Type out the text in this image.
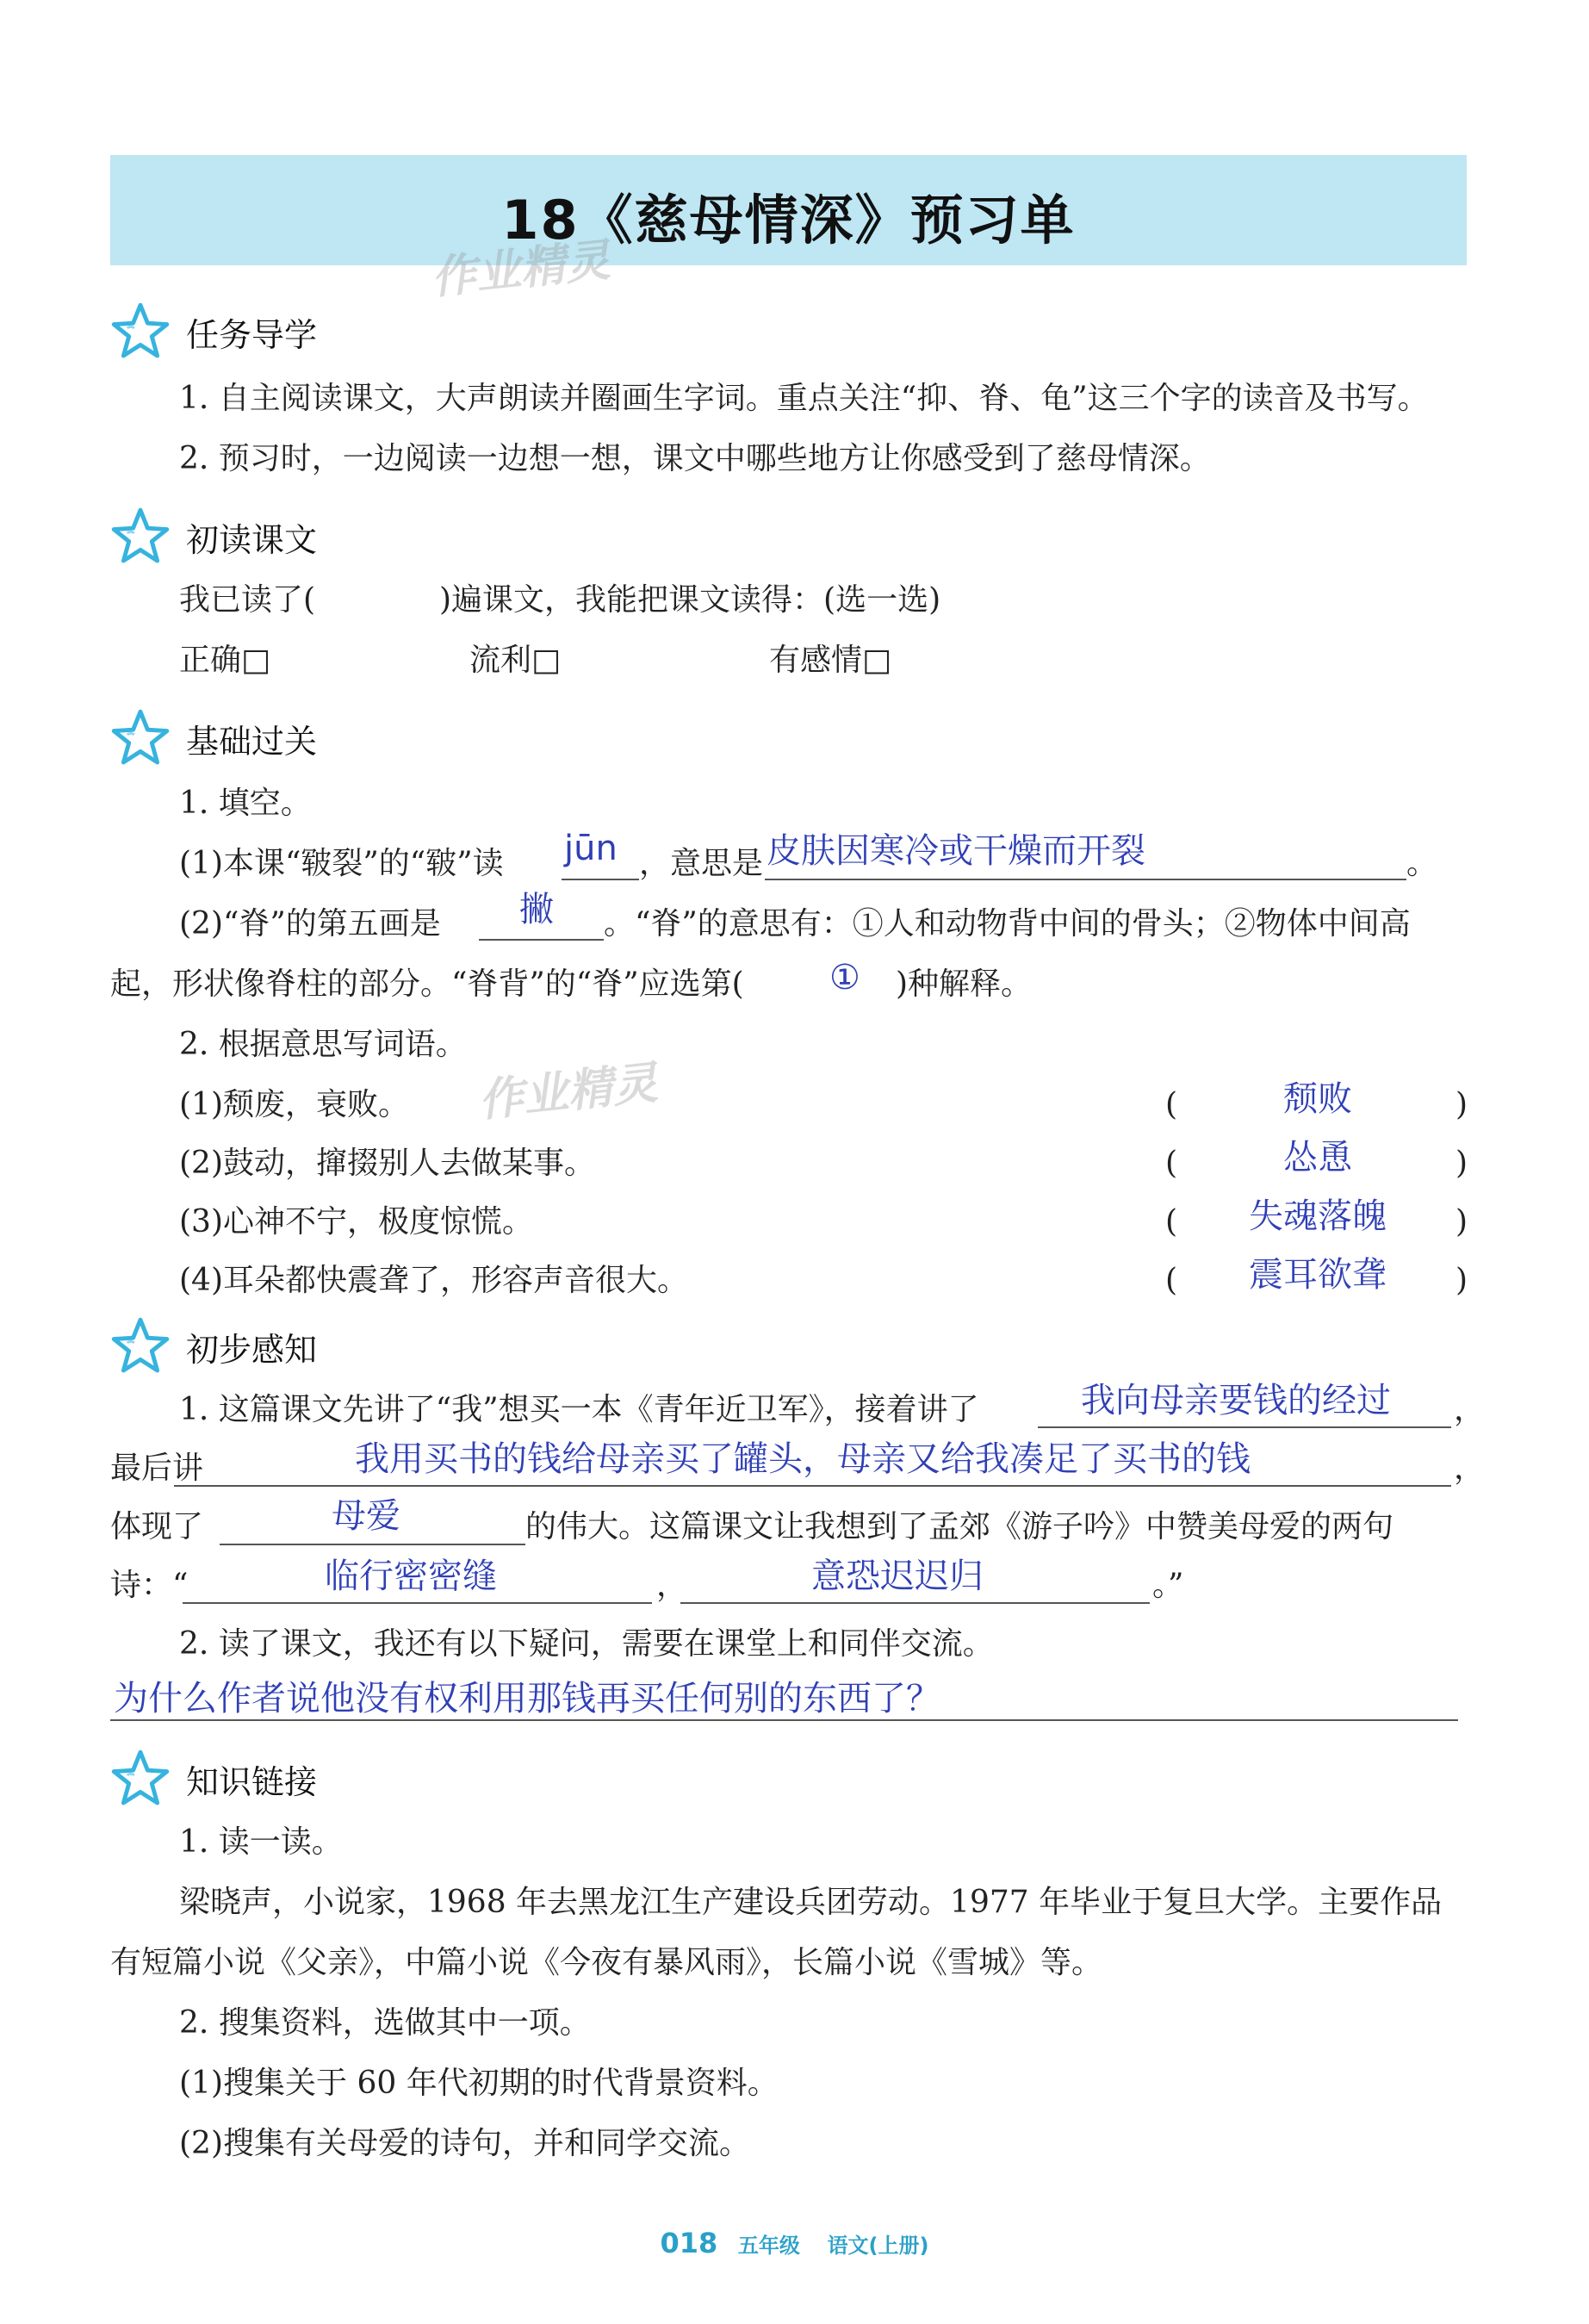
18《慈母情深》预习单
作业精灵
作业精灵
任务导学
1. 自主阅读课文，大声朗读并圈画生字词。重点关注“抑、脊、龟”这三个字的读音及书写。
2. 预习时，一边阅读一边想一想，课文中哪些地方让你感受到了慈母情深。
初读课文
我已读了(	)遍课文，我能把课文读得：(选一选)
正确□	流利□	有感情□
基础过关
1. 填空。
(1)本课“皲裂”的“皲”读 jūn ，意思是 皮肤因寒冷或干燥而开裂	。
(2)“脊”的第五画是 撇 。“脊”的意思有：①人和动物背中间的骨头；②物体中间高
起，形状像脊柱的部分。“脊背”的“脊”应选第( ① )种解释。
2. 根据意思写词语。
(1)颓废，衰败。	(	颓败	)
(2)鼓动，撺掇别人去做某事。	(	怂恿	)
(3)心神不宁，极度惊慌。	(	失魂落魄	)
(4)耳朵都快震聋了，形容声音很大。	(	震耳欲聋	)
初步感知
1. 这篇课文先讲了“我”想买一本《青年近卫军》，接着讲了	我向母亲要钱的经过 ，
最后讲	我用买书的钱给母亲买了罐头，母亲又给我凑足了买书的钱	，
体现了	母爱	的伟大。这篇课文让我想到了孟郊《游子吟》中赞美母爱的两句
诗：“	临行密密缝	，	意恐迟迟归	。”
2. 读了课文，我还有以下疑问，需要在课堂上和同伴交流。
为什么作者说他没有权利用那钱再买任何别的东西了？
知识链接
1. 读一读。
梁晓声，小说家，1968 年去黑龙江生产建设兵团劳动。1977 年毕业于复旦大学。主要作品
有短篇小说《父亲》，中篇小说《今夜有暴风雨》，长篇小说《雪城》等。
2. 搜集资料，选做其中一项。
(1)搜集关于 60 年代初期的时代背景资料。
(2)搜集有关母爱的诗句，并和同学交流。
018 五年级 语文(上册)
